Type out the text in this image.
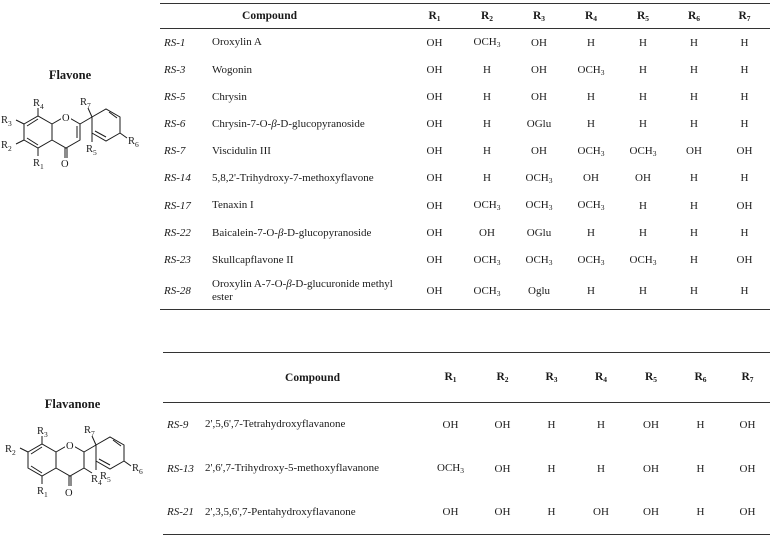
Flavone
O
O
$R_4$
$R_3$
$R_2$
$R_1$
$R_7$
$R_5$
$R_6$
Compound		$R_1$	$R_2$	$R_3$	$R_4$	$R_5$	$R_6$	$R_7$
RS-1	Oroxylin A	OH	$OCH_3$	OH	H	H	H	H
RS-3	Wogonin	OH	H	OH	$OCH_3$	H	H	H
RS-5	Chrysin	OH	H	OH	H	H	H	H
RS-6	Chrysin-7-O-β-D-glucopyranoside	OH	H	OGlu	H	H	H	H
RS-7	Viscidulin III	OH	H	OH	$OCH_3$	$OCH_3$	OH	OH
RS-14	5,8,2'-Trihydroxy-7-methoxyflavone	OH	H	$OCH_3$	OH	OH	H	H
RS-17	Tenaxin I	OH	$OCH_3$	$OCH_3$	$OCH_3$	H	H	OH
RS-22	Baicalein-7-O-β-D-glucopyranoside	OH	OH	OGlu	H	H	H	H
RS-23	Skullcapflavone II	OH	$OCH_3$	$OCH_3$	$OCH_3$	$OCH_3$	H	OH
RS-28	Oroxylin A-7-O-β-D-glucuronide methyl ester	OH	$OCH_3$	Oglu	H	H	H	H
Flavanone
O
O
$R_3$
$R_2$
$R_1$
$R_4$
$R_7$
$R_5$
$R_6$
Compound		$R_1$	$R_2$	$R_3$	$R_4$	$R_5$	$R_6$	$R_7$
RS-9	2',5,6',7-Tetrahydroxyflavanone	OH	OH	H	H	OH	H	OH
RS-13	2',6',7-Trihydroxy-5-methoxyflavanone	$OCH_3$	OH	H	H	OH	H	OH
RS-21	2',3,5,6',7-Pentahydroxyflavanone	OH	OH	H	OH	OH	H	OH
